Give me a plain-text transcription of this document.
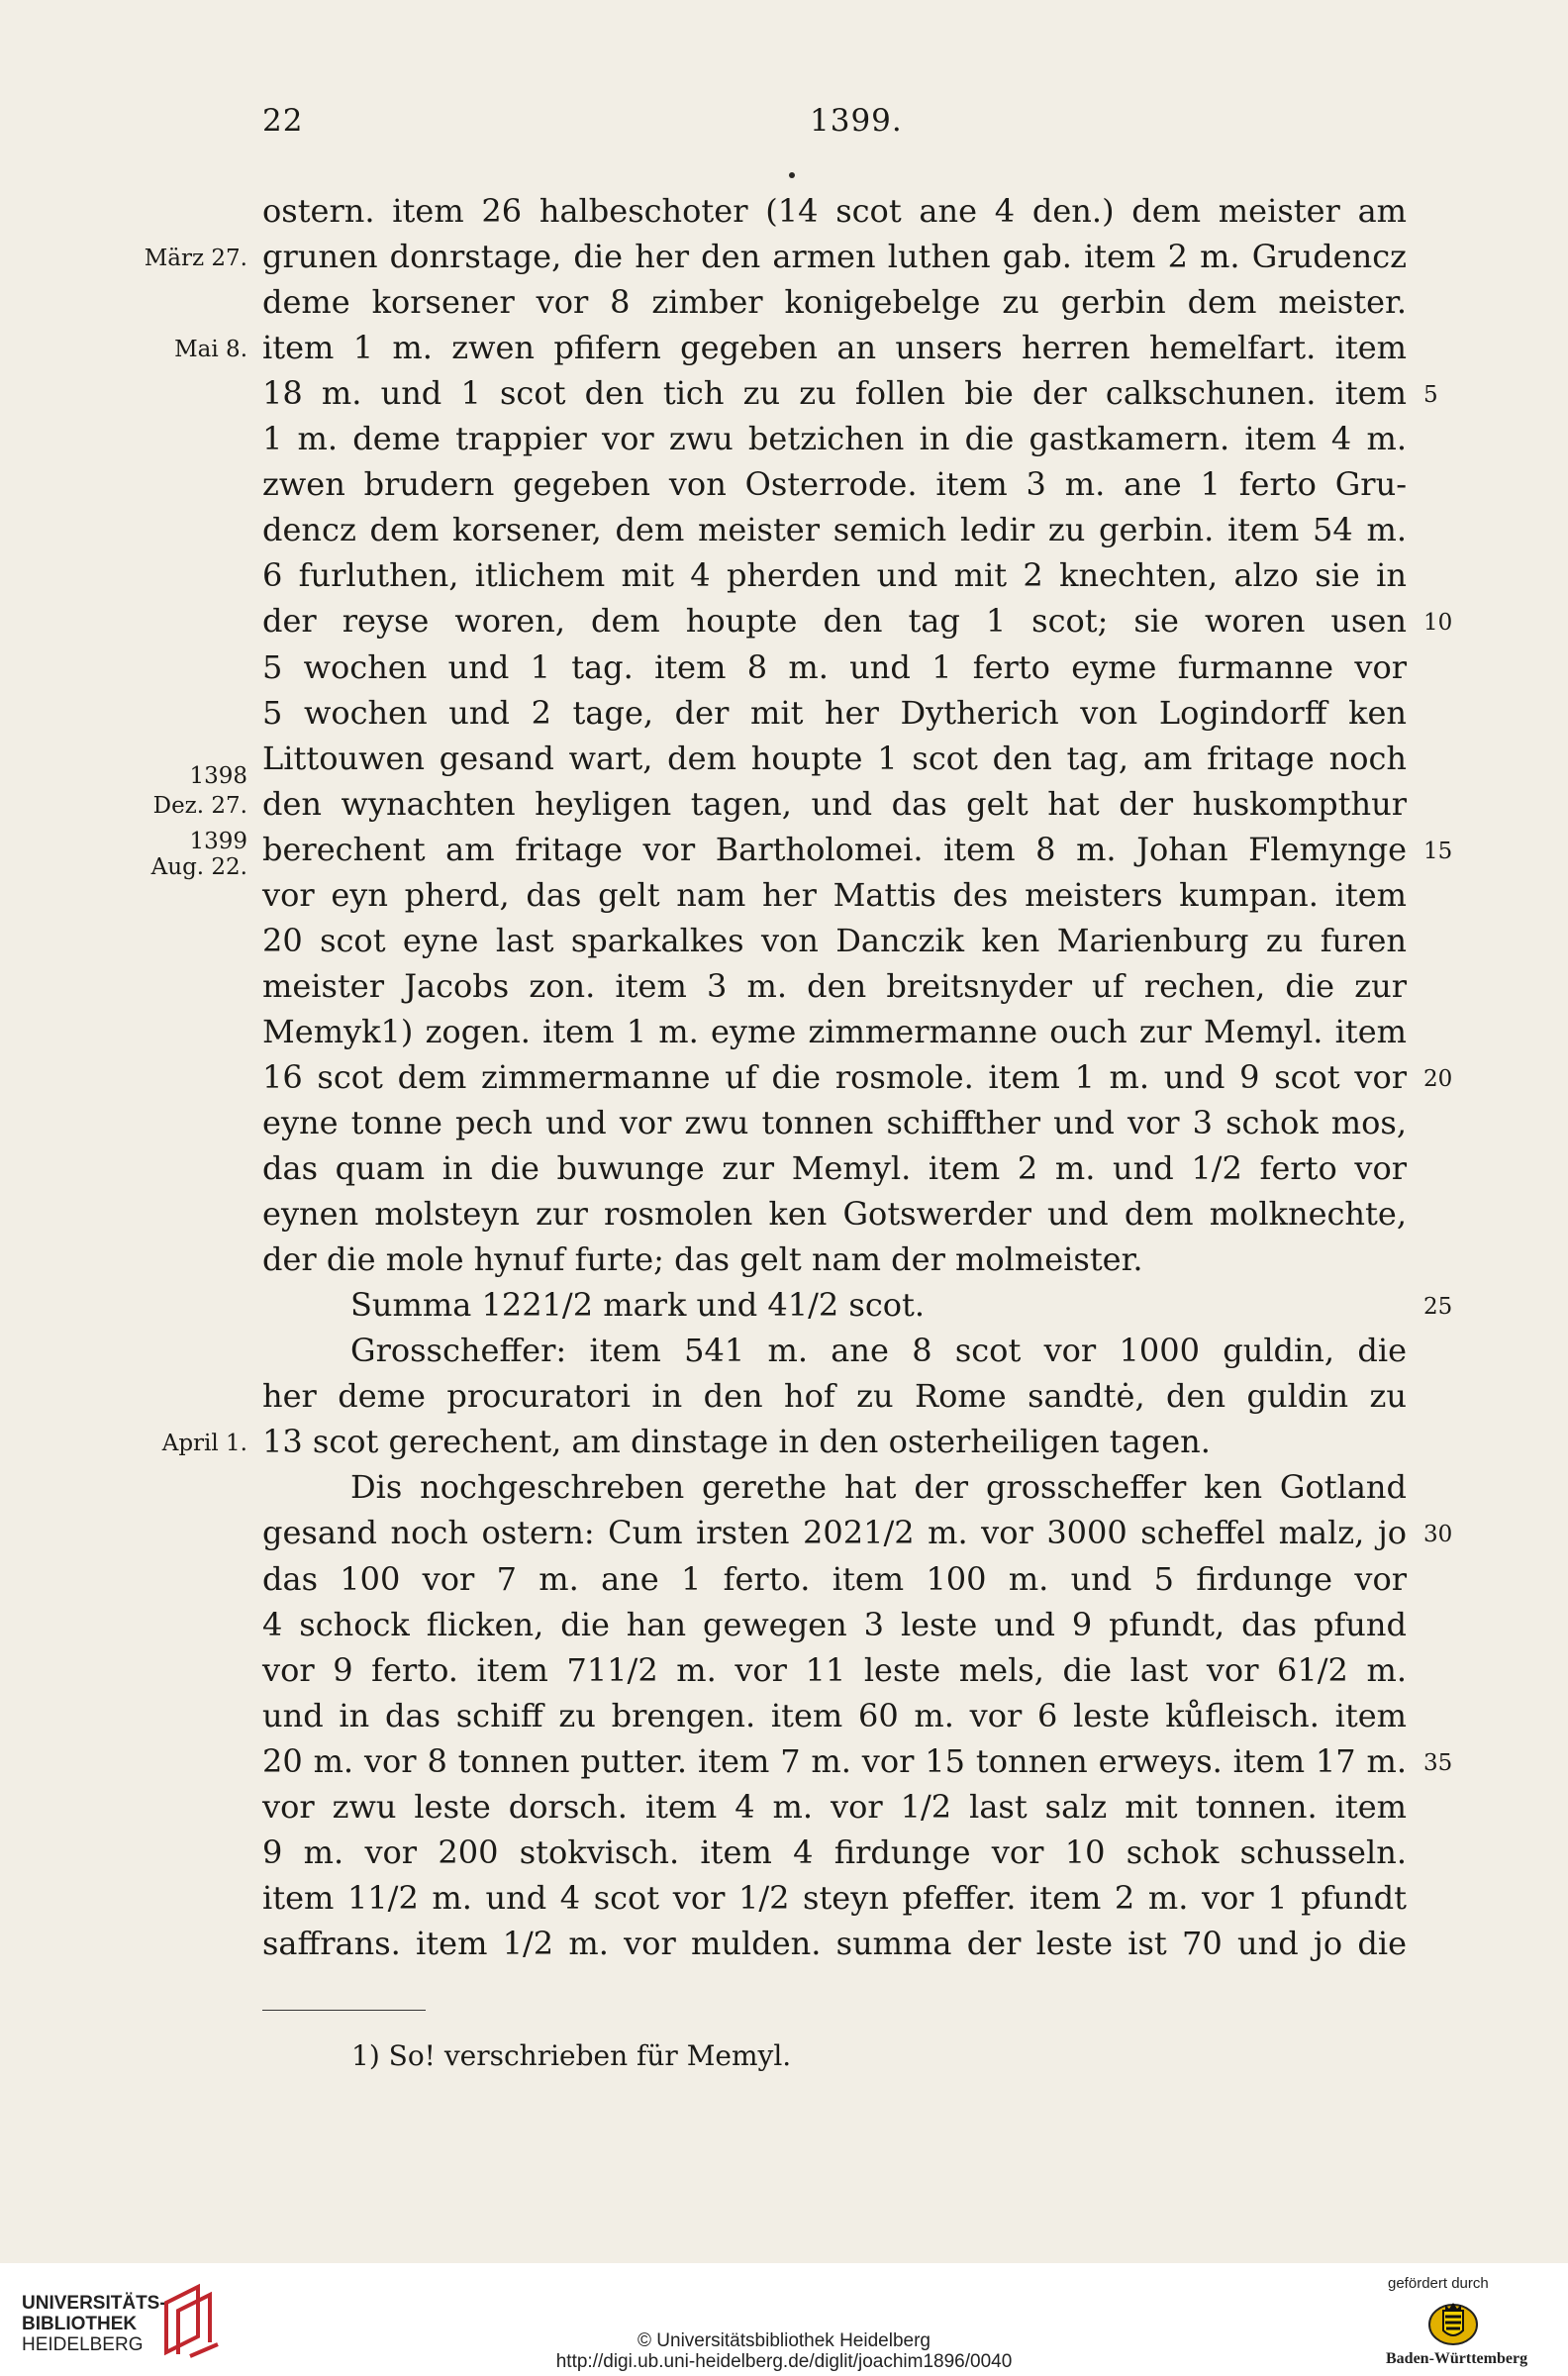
22	1399.
ostern. item 26 halbeschoter (14 scot ane 4 den.) dem meister am
grunen donrstage, die her den armen luthen gab. item 2 m. Grudencz
März 27.
deme korsener vor 8 zimber konigebelge zu gerbin dem meister.
item 1 m. zwen pfifern gegeben an unsers herren hemelfart. item
Mai 8.
18 m. und 1 scot den tich zu zu follen bie der calkschunen. item 5
1 m. deme trappier vor zwu betzichen in die gastkamern. item 4 m.
zwen brudern gegeben von Osterrode. item 3 m. ane 1 ferto Gru-
dencz dem korsener, dem meister semich ledir zu gerbin. item 54 m.
6 furluthen, itlichem mit 4 pherden und mit 2 knechten, alzo sie in
der reyse woren, dem houpte den tag 1 scot; sie woren usen 10
5 wochen und 1 tag. item 8 m. und 1 ferto eyme furmanne vor
5 wochen und 2 tage, der mit her Dytherich von Logindorff ken
Littouwen gesand wart, dem houpte 1 scot den tag, am fritage noch
1398
den wynachten heyligen tagen, und das gelt hat der huskompthur
Dez. 27.
berechent am fritage vor Bartholomei. item 8 m. Johan Flemynge
1399	15
vor eyn pherd, das gelt nam her Mattis des meisters kumpan. item
Aug. 22.
20 scot eyne last sparkalkes von Danczik ken Marienburg zu furen
meister Jacobs zon. item 3 m. den breitsnyder uf rechen, die zur
Memyk1) zogen. item 1 m. eyme zimmermanne ouch zur Memyl. item
16 scot dem zimmermanne uf die rosmole. item 1 m. und 9 scot vor 20
eyne tonne pech und vor zwu tonnen schiffther und vor 3 schok mos,
das quam in die buwunge zur Memyl. item 2 m. und 1/2 ferto vor
eynen molsteyn zur rosmolen ken Gotswerder und dem molknechte,
der die mole hynuf furte; das gelt nam der molmeister.
Summa 1221/2 mark und 41/2 scot.	25
Grosscheffer: item 541 m. ane 8 scot vor 1000 guldin, die
her deme procuratori in den hof zu Rome sandtė, den guldin zu
13 scot gerechent, am dinstage in den osterheiligen tagen.
April 1.
Dis nochgeschreben gerethe hat der grosscheffer ken Gotland
gesand noch ostern: Cum irsten 2021/2 m. vor 3000 scheffel malz, jo 30
das 100 vor 7 m. ane 1 ferto. item 100 m. und 5 firdunge vor
4 schock flicken, die han gewegen 3 leste und 9 pfundt, das pfund
vor 9 ferto. item 711/2 m. vor 11 leste mels, die last vor 61/2 m.
und in das schiff zu brengen. item 60 m. vor 6 leste kůfleisch. item
20 m. vor 8 tonnen putter. item 7 m. vor 15 tonnen erweys. item 17 m. 35
vor zwu leste dorsch. item 4 m. vor 1/2 last salz mit tonnen. item
9 m. vor 200 stokvisch. item 4 firdunge vor 10 schok schusseln.
item 11/2 m. und 4 scot vor 1/2 steyn pfeffer. item 2 m. vor 1 pfundt
saffrans. item 1/2 m. vor mulden. summa der leste ist 70 und jo die
1) So! verschrieben für Memyl.
UNIVERSITÄTS-
BIBLIOTHEK
HEIDELBERG	© Universitätsbibliothek Heidelberg
http://digi.ub.uni-heidelberg.de/diglit/joachim1896/0040
gefördert durch
Baden-Württemberg
